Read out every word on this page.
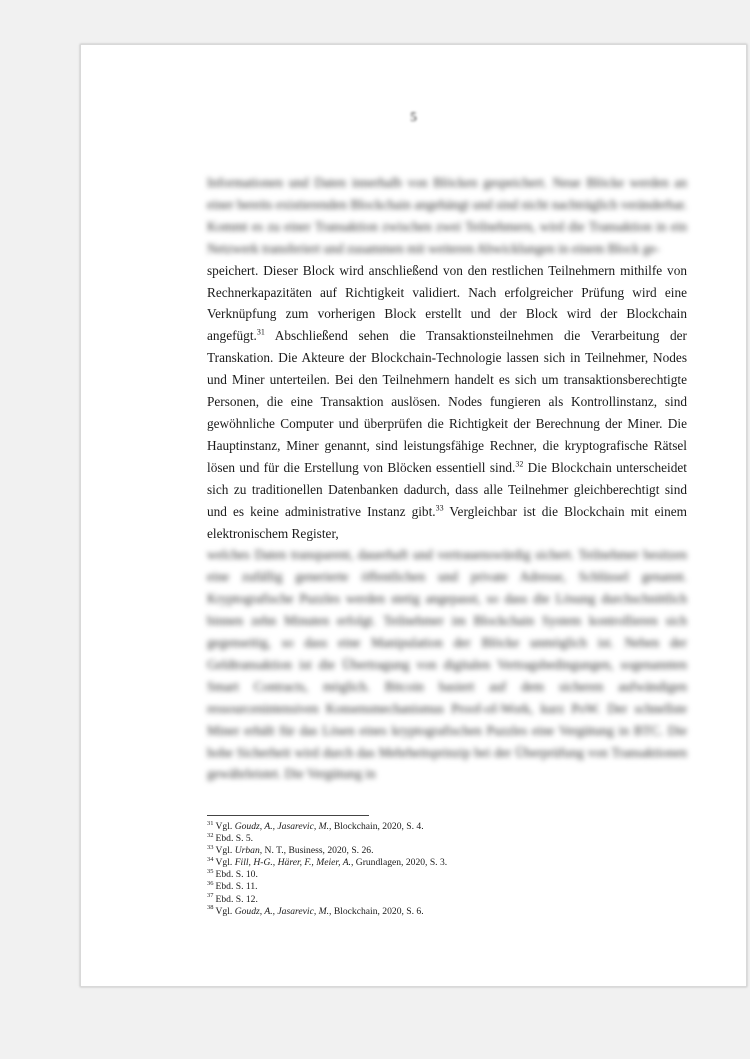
5

Informationen und Daten innerhalb von Blöcken gespeichert. Neue Blöcke werden an einer bereits existierenden Blockchain angehängt und sind nicht nachträglich veränderbar. Kommt es zu einer Transaktion zwischen zwei Teilnehmern, wird die Transaktion in ein Netzwerk transferiert und zusammen mit weiteren Abwicklungen in einem Block ge-

speichert. Dieser Block wird anschließend von den restlichen Teilnehmern mithilfe von Rechnerkapazitäten auf Richtigkeit validiert. Nach erfolgreicher Prüfung wird eine Verknüpfung zum vorherigen Block erstellt und der Block wird der Blockchain angefügt.$^{31}$ Abschließend sehen die Transaktionsteilnehmen die Verarbeitung der Transkation. Die Akteure der Blockchain-Technologie lassen sich in Teilnehmer, Nodes und Miner unterteilen. Bei den Teilnehmern handelt es sich um transaktionsberechtigte Personen, die eine Transaktion auslösen. Nodes fungieren als Kontrollinstanz, sind gewöhnliche Computer und überprüfen die Richtigkeit der Berechnung der Miner. Die Hauptinstanz, Miner genannt, sind leistungsfähige Rechner, die kryptografische Rätsel lösen und für die Erstellung von Blöcken essentiell sind.$^{32}$ Die Blockchain unterscheidet sich zu traditionellen Datenbanken dadurch, dass alle Teilnehmer gleichberechtigt sind und es keine administrative Instanz gibt.$^{33}$ Vergleichbar ist die Blockchain mit einem elektronischem Register,

welches Daten transparent, dauerhaft und vertrauenswürdig sichert. Teilnehmer besitzen eine zufällig generierte öffentlichen und private Adresse, Schlüssel genannt. Kryptografische Puzzles werden stetig angepasst, so dass die Lösung durchschnittlich binnen zehn Minuten erfolgt. Teilnehmer im Blockchain System kontrollieren sich gegenseitig, so dass eine Manipulation der Blöcke unmöglich ist. Neben der Geldtransaktion ist die Übertragung von digitalen Vertragsbedingungen, sogenannten Smart Contracts, möglich. Bitcoin basiert auf dem sicheren aufwändigen ressourcenintensiven Konsensmechanismus Proof-of-Work, kurz PoW. Der schnellste Miner erhält für das Lösen eines kryptografischen Puzzles eine Vergütung in BTC. Die hohe Sicherheit wird durch das Mehrheitsprinzip bei der Überprüfung von Transaktionen gewährleistet. Die Vergütung in

$^{31}$ Vgl. Goudz, A., Jasarevic, M., Blockchain, 2020, S. 4.

$^{32}$ Ebd. S. 5.

$^{33}$ Vgl. Urban, N. T., Business, 2020, S. 26.

$^{34}$ Vgl. Fill, H-G., Härer, F., Meier, A., Grundlagen, 2020, S. 3.

$^{35}$ Ebd. S. 10.

$^{36}$ Ebd. S. 11.

$^{37}$ Ebd. S. 12.

$^{38}$ Vgl. Goudz, A., Jasarevic, M., Blockchain, 2020, S. 6.
